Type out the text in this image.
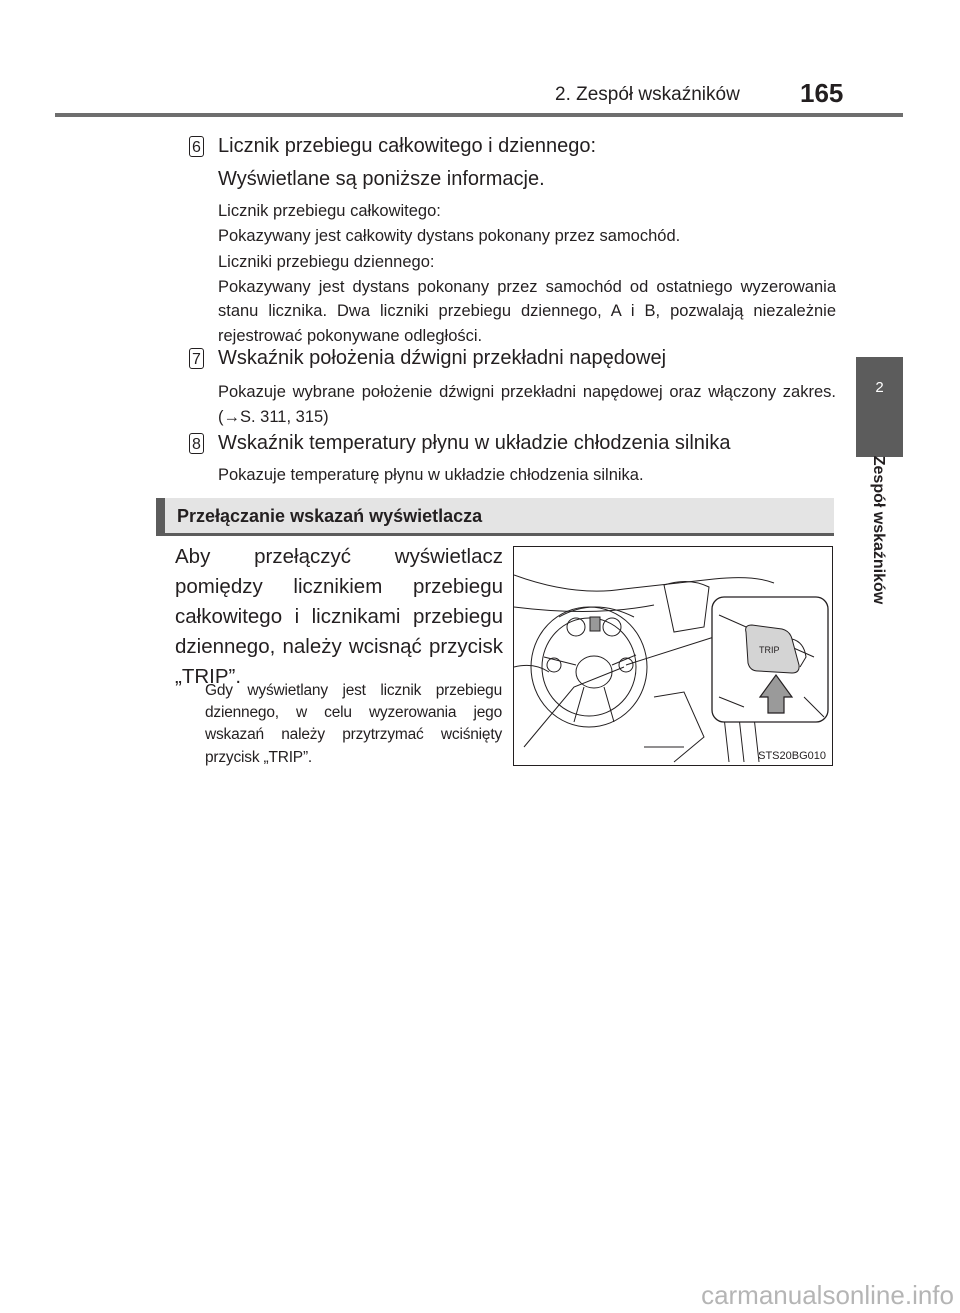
2. Zespół wskaźników 165
2
Zespół wskaźników
6 Licznik przebiegu całkowitego i dziennego:
Wyświetlane są poniższe informacje.

Licznik przebiegu całkowitego:

Pokazywany jest całkowity dystans pokonany przez samochód.

Liczniki przebiegu dziennego:

Pokazywany jest dystans pokonany przez samochód od ostatniego wyzerowania stanu licznika. Dwa liczniki przebiegu dziennego, A i B, pozwalają niezależnie rejestrować pokonywane odległości.

7 Wskaźnik położenia dźwigni przekładni napędowej
Pokazuje wybrane położenie dźwigni przekładni napędowej oraz włączony zakres. (→S. 311, 315)
8 Wskaźnik temperatury płynu w układzie chłodzenia silnika
Pokazuje temperaturę płynu w układzie chłodzenia silnika.
Przełączanie wskazań wyświetlacza
Aby przełączyć wyświetlacz pomiędzy licznikiem przebiegu całkowitego i licznikami przebiegu dziennego, należy wcisnąć przycisk „TRIP”.
Gdy wyświetlany jest licznik przebiegu dziennego, w celu wyzerowania jego wskazań należy przytrzymać wciśnięty przycisk „TRIP”.
TRIP
STS20BG010
carmanualsonline.info
